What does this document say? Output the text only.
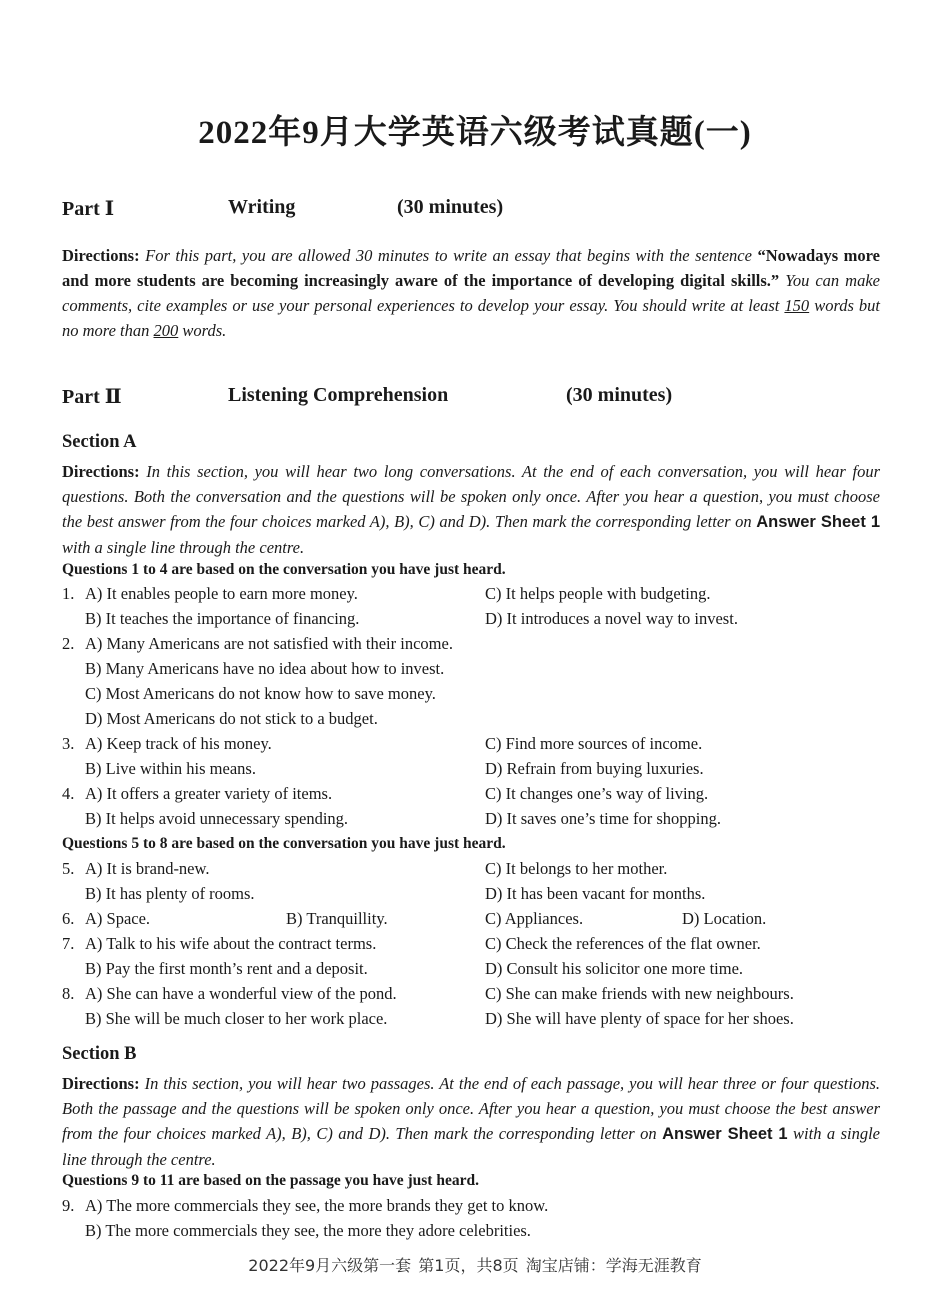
2022年9月大学英语六级考试真题(一)
Part Ⅰ	Writing	(30 minutes)
Directions: For this part, you are allowed 30 minutes to write an essay that begins with the sentence “Nowadays more and more students are becoming increasingly aware of the importance of developing digital skills.” You can make comments, cite examples or use your personal experiences to develop your essay. You should write at least 150 words but no more than 200 words.
Part Ⅱ	Listening Comprehension	(30 minutes)
Section A
Directions: In this section, you will hear two long conversations. At the end of each conversation, you will hear four questions. Both the conversation and the questions will be spoken only once. After you hear a question, you must choose the best answer from the four choices marked A), B), C) and D). Then mark the corresponding letter on Answer Sheet 1 with a single line through the centre.
Questions 1 to 4 are based on the conversation you have just heard.
1. A) It enables people to earn more money.	C) It helps people with budgeting.
B) It teaches the importance of financing.	D) It introduces a novel way to invest.
2. A) Many Americans are not satisfied with their income.
B) Many Americans have no idea about how to invest.
C) Most Americans do not know how to save money.
D) Most Americans do not stick to a budget.
3. A) Keep track of his money.	C) Find more sources of income.
B) Live within his means.	D) Refrain from buying luxuries.
4. A) It offers a greater variety of items.	C) It changes one’s way of living.
B) It helps avoid unnecessary spending.	D) It saves one’s time for shopping.
Questions 5 to 8 are based on the conversation you have just heard.
5. A) It is brand-new.	C) It belongs to her mother.
B) It has plenty of rooms.	D) It has been vacant for months.
6. A) Space.	B) Tranquillity.	C) Appliances.	D) Location.
7. A) Talk to his wife about the contract terms.	C) Check the references of the flat owner.
B) Pay the first month’s rent and a deposit.	D) Consult his solicitor one more time.
8. A) She can have a wonderful view of the pond.	C) She can make friends with new neighbours.
B) She will be much closer to her work place.	D) She will have plenty of space for her shoes.
Section B
Directions: In this section, you will hear two passages. At the end of each passage, you will hear three or four questions. Both the passage and the questions will be spoken only once. After you hear a question, you must choose the best answer from the four choices marked A), B), C) and D). Then mark the corresponding letter on Answer Sheet 1 with a single line through the centre.
Questions 9 to 11 are based on the passage you have just heard.
9. A) The more commercials they see, the more brands they get to know.
B) The more commercials they see, the more they adore celebrities.
2022年9月六级第一套 第1页，共8页 淘宝店铺：学海无涯教育
